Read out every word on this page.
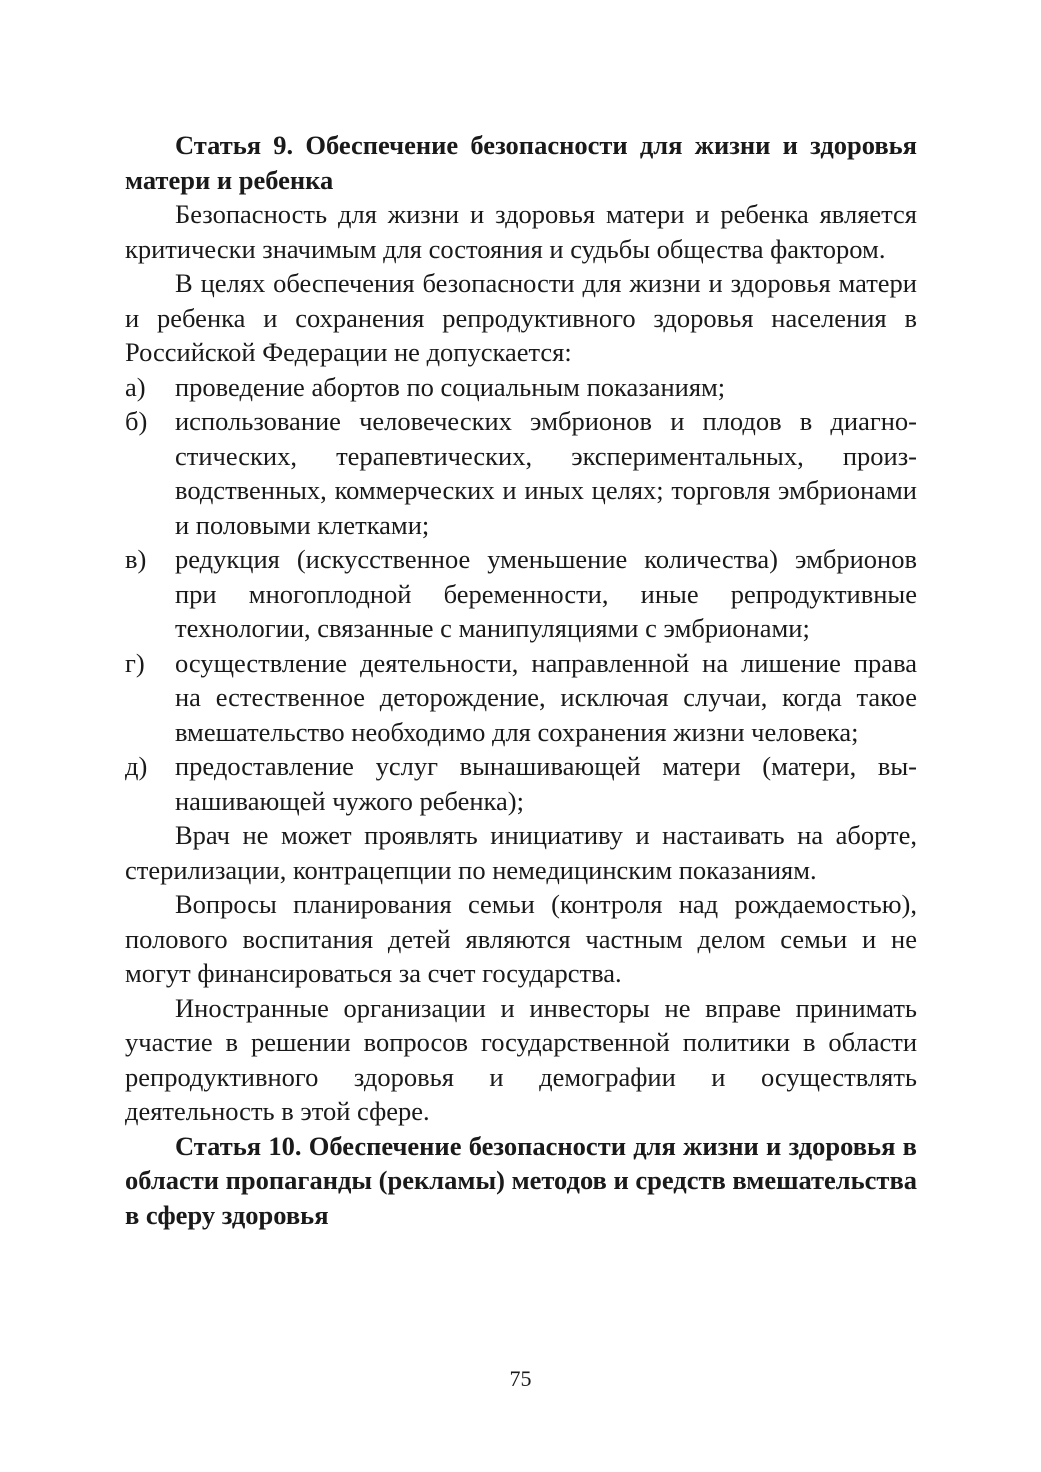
Статья 9. Обеспечение безопасности для жизни и здоровья матери и ребенка

Безопасность для жизни и здоровья матери и ребенка является критически значимым для состояния и судьбы общества фактором.

В целях обеспечения безопасности для жизни и здоровья матери и ребенка и сохранения репродуктивного здоровья населения в Российской Федерации не допускается:

а) проведение абортов по социальным показаниям;
б) использование человеческих эмбрионов и плодов в диагностических, терапевтических, экспериментальных, производственных, коммерческих и иных целях; торговля эмбрионами и половыми клетками;
в) редукция (искусственное уменьшение количества) эмбрионов при многоплодной беременности, иные репродуктивные технологии, связанные с манипуляциями с эмбрионами;
г) осуществление деятельности, направленной на лишение права на естественное деторождение, исключая случаи, когда такое вмешательство необходимо для сохранения жизни человека;
д) предоставление услуг вынашивающей матери (матери, вынашивающей чужого ребенка);

Врач не может проявлять инициативу и настаивать на аборте, стерилизации, контрацепции по немедицинским показаниям.

Вопросы планирования семьи (контроля над рождаемостью), полового воспитания детей являются частным делом семьи и не могут финансироваться за счет государства.

Иностранные организации и инвесторы не вправе принимать участие в решении вопросов государственной политики в области репродуктивного здоровья и демографии и осуществлять деятельность в этой сфере.

Статья 10. Обеспечение безопасности для жизни и здоровья в области пропаганды (рекламы) методов и средств вмешательства в сферу здоровья

75
